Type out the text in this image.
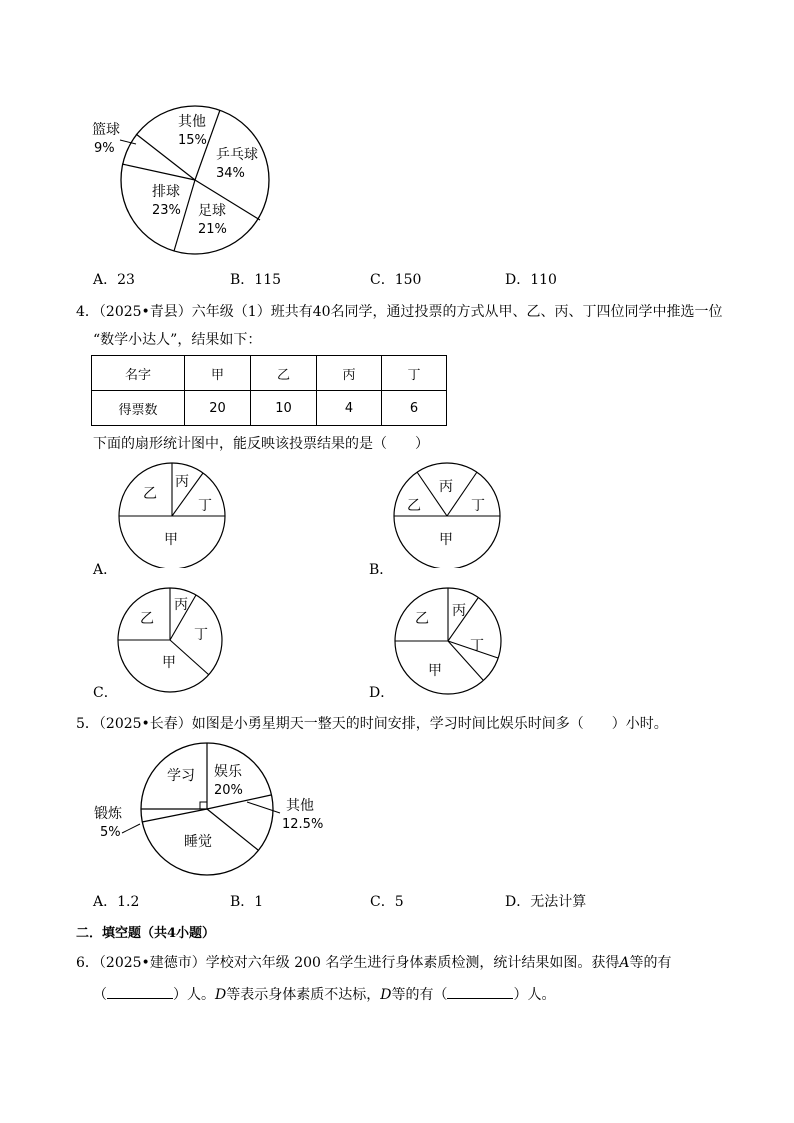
其他
15%
乒乓球
34%
足球
21%
排球
23%
篮球
9%
A．23	B．115	C．150	D．110
4．（2025•青县）六年级（1）班共有40名同学，通过投票的方式从甲、乙、丙、丁四位同学中推选一位
“数学小达人”，结果如下：
名字	甲	乙	丙	丁
得票数	20	10	4	6
下面的扇形统计图中，能反映该投票结果的是（　　）
乙
丙
丁
甲
A．
乙
丙
丁
甲
B．
乙
丙
丁
甲
C．
乙 丙
丁
甲
D．
5．（2025•长春）如图是小勇星期天一整天的时间安排，学习时间比娱乐时间多（　　）小时。
学习 娱乐
20%
其他
12.5%
锻炼
5%
睡觉
A．1.2	B．1	C．5	D．无法计算
二．填空题（共4小题）
6．（2025•建德市）学校对六年级 200 名学生进行身体素质检测，统计结果如图。获得A等的有
（	）人。D等表示身体素质不达标，D等的有（	）人。
